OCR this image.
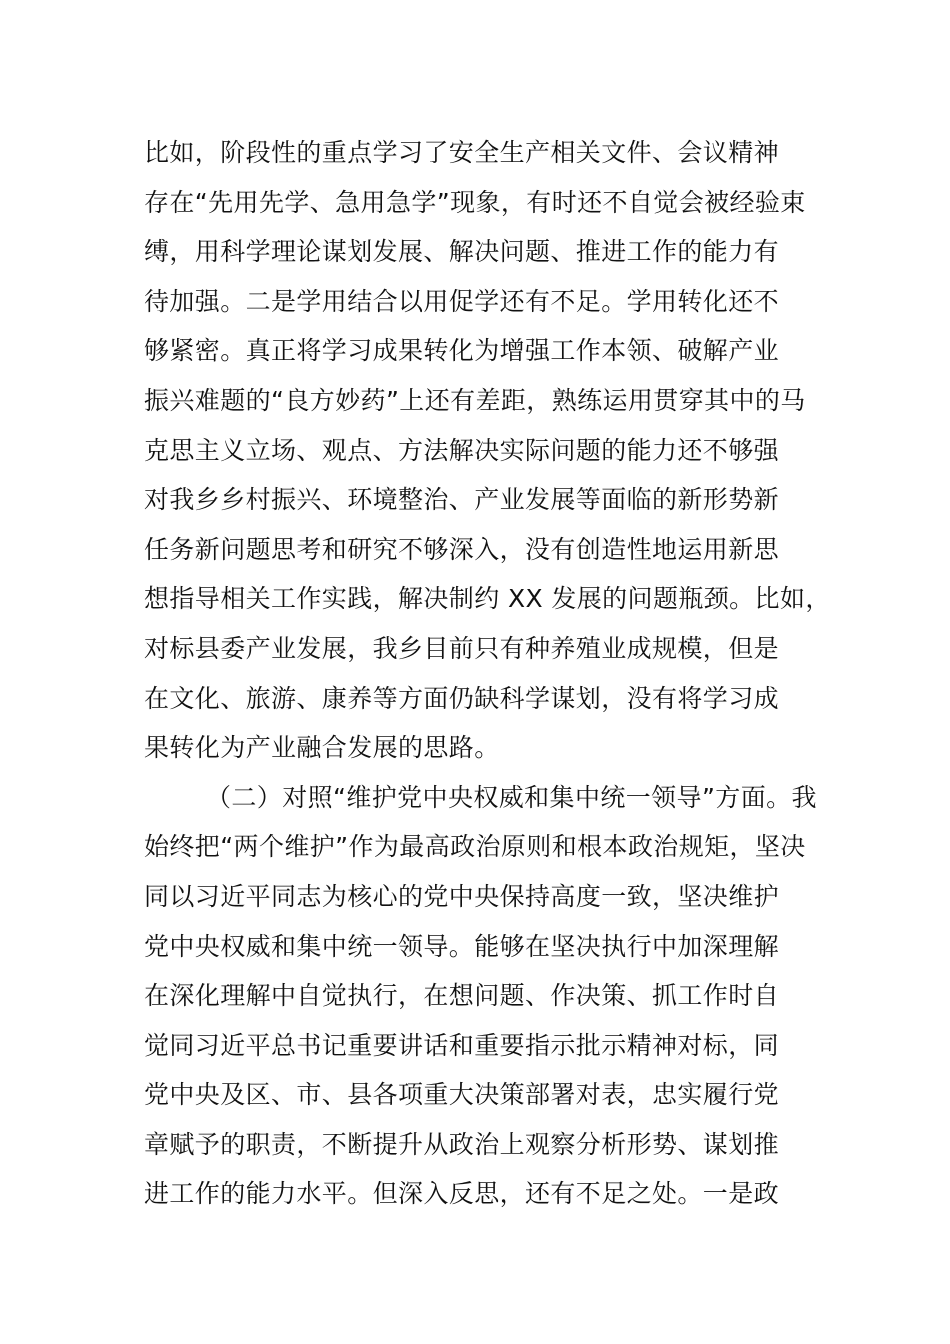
比如，阶段性的重点学习了安全生产相关文件、会议精神
存在“先用先学、急用急学”现象，有时还不自觉会被经验束
缚，用科学理论谋划发展、解决问题、推进工作的能力有
待加强。二是学用结合以用促学还有不足。学用转化还不
够紧密。真正将学习成果转化为增强工作本领、破解产业
振兴难题的“良方妙药”上还有差距，熟练运用贯穿其中的马
克思主义立场、观点、方法解决实际问题的能力还不够强
对我乡乡村振兴、环境整治、产业发展等面临的新形势新
任务新问题思考和研究不够深入，没有创造性地运用新思
想指导相关工作实践，解决制约 XX 发展的问题瓶颈。比如，
对标县委产业发展，我乡目前只有种养殖业成规模，但是
在文化、旅游、康养等方面仍缺科学谋划，没有将学习成
果转化为产业融合发展的思路。
（二）对照“维护党中央权威和集中统一领导”方面。我
始终把“两个维护”作为最高政治原则和根本政治规矩，坚决
同以习近平同志为核心的党中央保持高度一致，坚决维护
党中央权威和集中统一领导。能够在坚决执行中加深理解
在深化理解中自觉执行，在想问题、作决策、抓工作时自
觉同习近平总书记重要讲话和重要指示批示精神对标，同
党中央及区、市、县各项重大决策部署对表，忠实履行党
章赋予的职责，不断提升从政治上观察分析形势、谋划推
进工作的能力水平。但深入反思，还有不足之处。一是政
